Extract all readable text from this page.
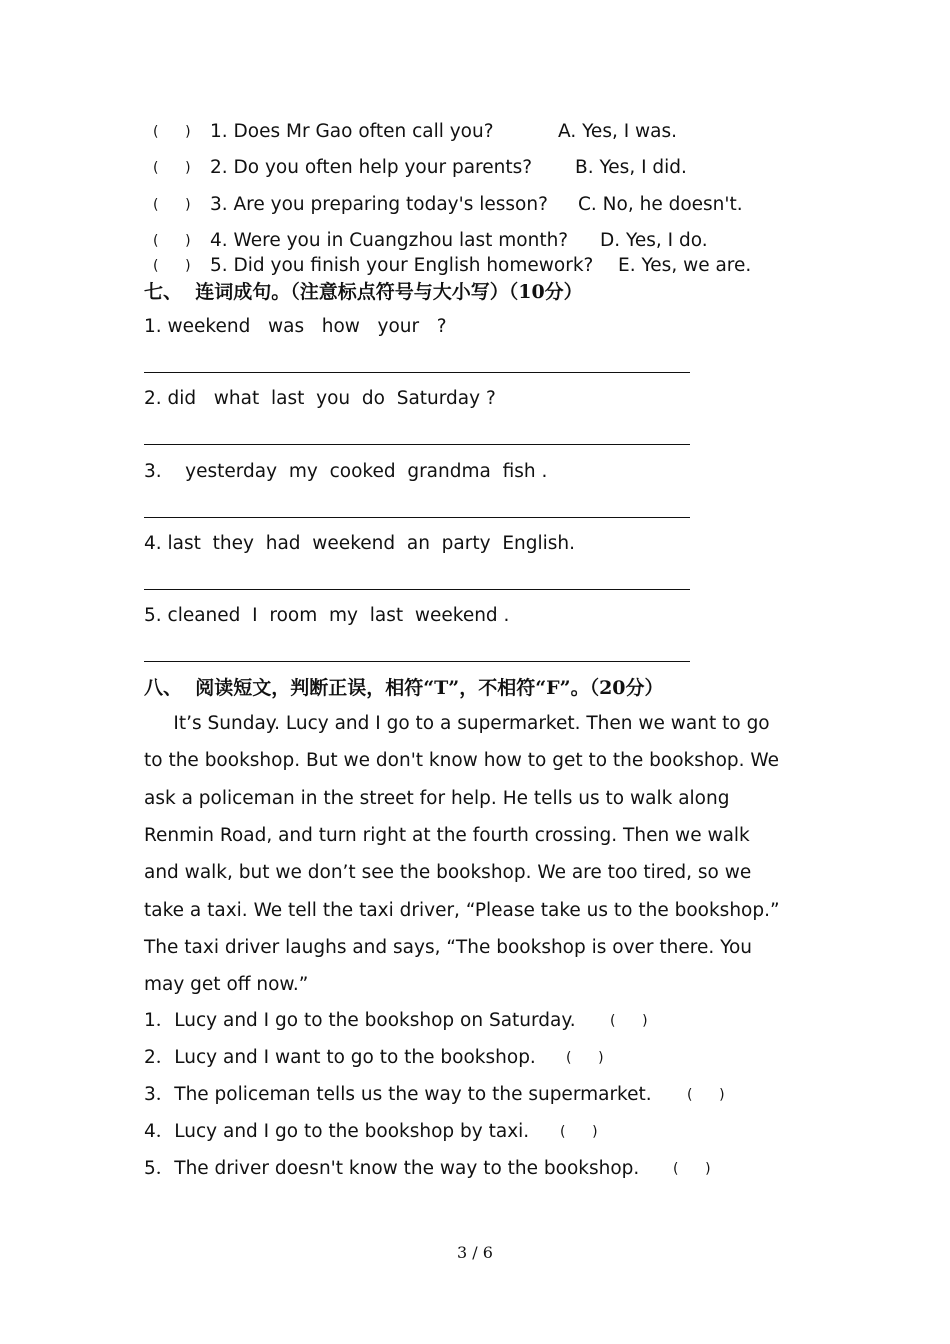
(      ) 1. Does Mr Gao often call you?	A. Yes, I was.
(      ) 2. Do you often help your parents? B. Yes, I did.
(      ) 3. Are you preparing today's lesson? C. No, he doesn't.
(      ) 4. Were you in Cuangzhou last month? D. Yes, I do.
(      ) 5. Did you finish your English homework? E. Yes, we are.
七、  连词成句。（注意标点符号与大小写）（10分）
1. weekend   was   how   your   ?
2. did   what  last  you  do  Saturday ?
3.    yesterday  my  cooked  grandma  fish .
4. last  they  had  weekend  an  party  English.
5. cleaned  I  room  my  last  weekend .
八、  阅读短文，判断正误，相符“T”，不相符“F”。（20分）
It’s Sunday. Lucy and I go to a supermarket. Then we want to go
to the bookshop. But we don't know how to get to the bookshop. We
ask a policeman in the street for help. He tells us to walk along
Renmin Road, and turn right at the fourth crossing. Then we walk
and walk, but we don’t see the bookshop. We are too tired, so we
take a taxi. We tell the taxi driver, “Please take us to the bookshop.”
The taxi driver laughs and says, “The bookshop is over there. You
may get off now.”
1．Lucy and I go to the bookshop on Saturday. (      )
2．Lucy and I want to go to the bookshop. (      )
3．The policeman tells us the way to the supermarket.	(      )
4．Lucy and I go to the bookshop by taxi. (      )
5．The driver doesn't know the way to the bookshop. (      )
3 / 6
